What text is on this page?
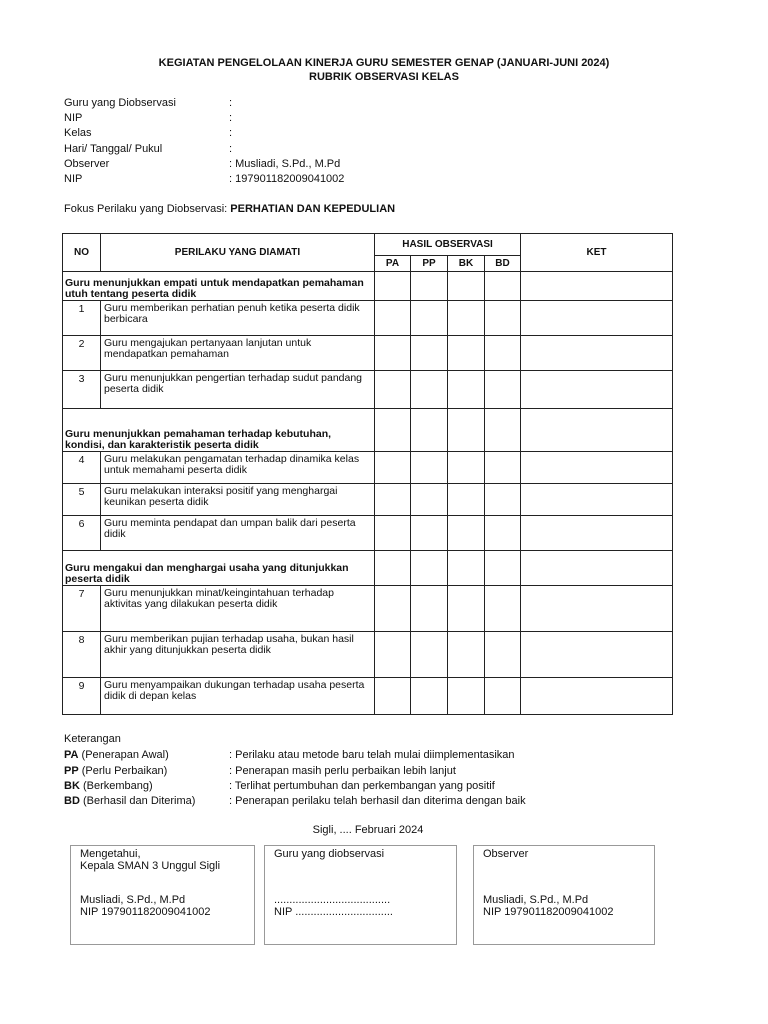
KEGIATAN PENGELOLAAN KINERJA GURU SEMESTER GENAP (JANUARI-JUNI 2024)
RUBRIK OBSERVASI KELAS
Guru yang Diobservasi	:
NIP	:
Kelas	:
Hari/ Tanggal/ Pukul	:
Observer	: Musliadi, S.Pd., M.Pd
NIP	: 197901182009041002
Fokus Perilaku yang Diobservasi: PERHATIAN DAN KEPEDULIAN
NO	PERILAKU YANG DIAMATI	HASIL OBSERVASI				KET
		PA	PP	BK	BD	
Guru menunjukkan empati untuk mendapatkan pemahaman utuh tentang peserta didik						
1	Guru memberikan perhatian penuh ketika peserta didik berbicara					
2	Guru mengajukan pertanyaan lanjutan untuk mendapatkan pemahaman					
3	Guru menunjukkan pengertian terhadap sudut pandang peserta didik					
Guru menunjukkan pemahaman terhadap kebutuhan, kondisi, dan karakteristik peserta didik						
4	Guru melakukan pengamatan terhadap dinamika kelas untuk memahami peserta didik					
5	Guru melakukan interaksi positif yang menghargai keunikan peserta didik					
6	Guru meminta pendapat dan umpan balik dari peserta didik					
Guru mengakui dan menghargai usaha yang ditunjukkan peserta didik						
7	Guru menunjukkan minat/keingintahuan terhadap aktivitas yang dilakukan peserta didik					
8	Guru memberikan pujian terhadap usaha, bukan hasil akhir yang ditunjukkan peserta didik					
9	Guru menyampaikan dukungan terhadap usaha peserta didik di depan kelas					
Keterangan
PA (Penerapan Awal)	: Perilaku atau metode baru telah mulai diimplementasikan
PP (Perlu Perbaikan)	: Penerapan masih perlu perbaikan lebih lanjut
BK (Berkembang)	: Terlihat pertumbuhan dan perkembangan yang positif
BD (Berhasil dan Diterima)	: Penerapan perilaku telah berhasil dan diterima dengan baik
Sigli, .... Februari 2024
Mengetahui,
Kepala SMAN 3 Unggul Sigli
Musliadi, S.Pd., M.Pd
NIP 197901182009041002
Guru yang diobservasi
......................................
NIP ................................
Observer
Musliadi, S.Pd., M.Pd
NIP 197901182009041002
